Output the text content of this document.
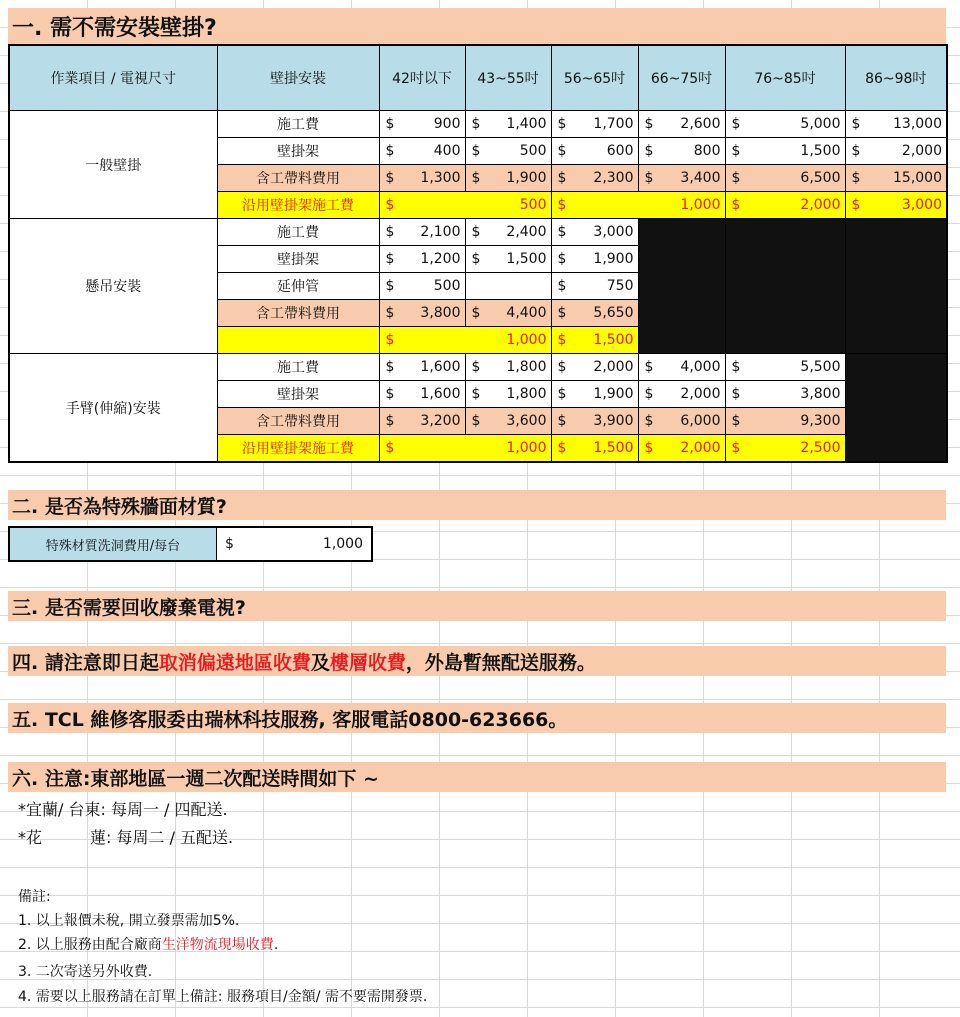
一. 需不需安裝壁掛?
作業項目 / 電視尺寸	壁掛安裝	42吋以下	43~55吋	56~65吋	66~75吋	76~85吋	86~98吋
一般壁掛	施工費	$ 900	$ 1,400	$ 1,700	$ 2,600	$ 5,000	$ 13,000

	壁掛架	$ 400	$ 500	$ 600	$ 800	$ 1,500	$ 2,000

	含工帶料費用	$ 1,300	$ 1,900	$ 2,300	$ 3,400	$ 6,500	$ 15,000

	沿用壁掛架施工費	$ 500		$ 1,000		$ 2,000	$ 3,000

懸吊安裝	施工費	$ 2,100	$ 2,400	$ 3,000			

	壁掛架	$ 1,200	$ 1,500	$ 1,900			

	延伸管	$ 500		$ 750			

	含工帶料費用	$ 3,800	$ 4,400	$ 5,650			

		$ 1,000		$ 1,500			

手臂(伸縮)安裝	施工費	$ 1,600	$ 1,800	$ 2,000	$ 4,000	$ 5,500	

	壁掛架	$ 1,600	$ 1,800	$ 1,900	$ 2,000	$ 3,800	

	含工帶料費用	$ 3,200	$ 3,600	$ 3,900	$ 6,000	$ 9,300	

	沿用壁掛架施工費	$ 1,000		$ 1,500	$ 2,000	$ 2,500	
二. 是否為特殊牆面材質?
特殊材質洗洞費用/每台	$	1,000
三. 是否需要回收廢棄電視?
四. 請注意即日起 取消偏遠地區收費 及 樓層收費 ，外島暫無配送服務。
五. TCL 維修客服委由瑞林科技服務, 客服電話0800-623666。
六. 注意:東部地區一週二次配送時間如下 ~
*宜蘭/ 台東: 每周一 / 四配送.
*花　　　蓮: 每周二 / 五配送.
備註:
1. 以上報價未稅, 開立發票需加5%.
2. 以上服務由配合廠商生洋物流現場收費.
3. 二次寄送另外收費.
4. 需要以上服務請在訂單上備註: 服務項目/金額/ 需不要需開發票.
